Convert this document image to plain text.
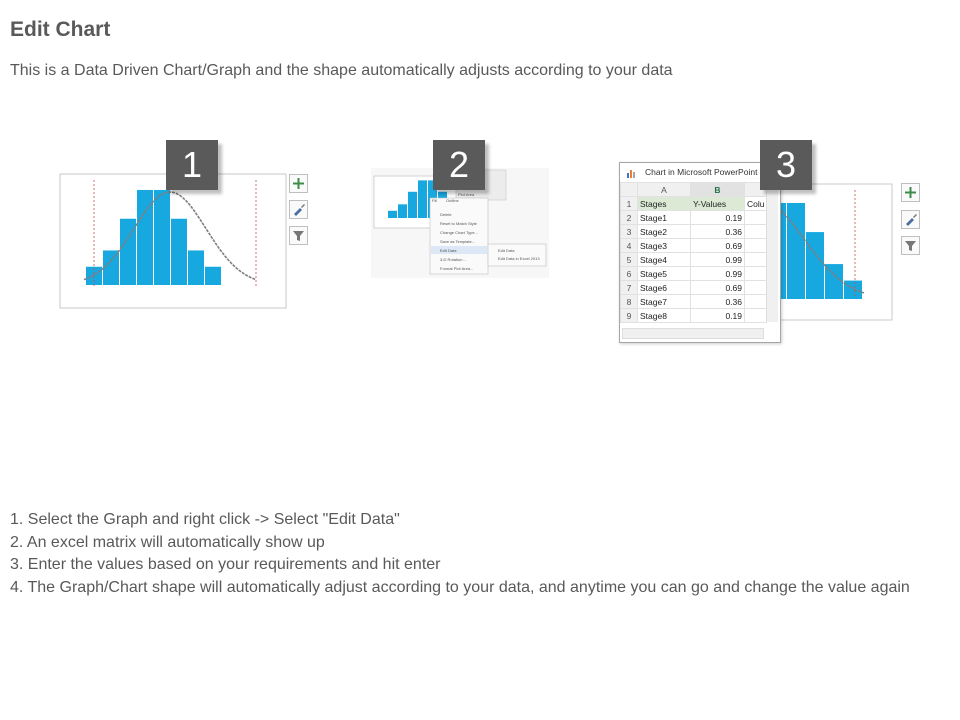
Edit Chart
This is a Data Driven Chart/Graph and the shape automatically adjusts according to your data
1
Delete
Reset to Match Style
Change Chart Type...
Save as Template...
Edit Data
3-D Rotation...
Format Plot Area...
Edit Data
Edit Data in Excel 2013
Fill Outline
Plot Area
2	Chart in Microsoft PowerPoint
	A	B	
1	Stages	Y-Values	Colu
2	Stage1	0.19	
3	Stage2	0.36	
4	Stage3	0.69	
5	Stage4	0.99	
6	Stage5	0.99	
7	Stage6	0.69	
8	Stage7	0.36	
9	Stage8	0.19	
3
1. Select the Graph and right click -> Select "Edit Data"
2. An excel matrix will automatically show up
3. Enter the values based on your requirements and hit enter
4. The Graph/Chart shape will automatically adjust according to your data, and anytime you can go and change the value again
